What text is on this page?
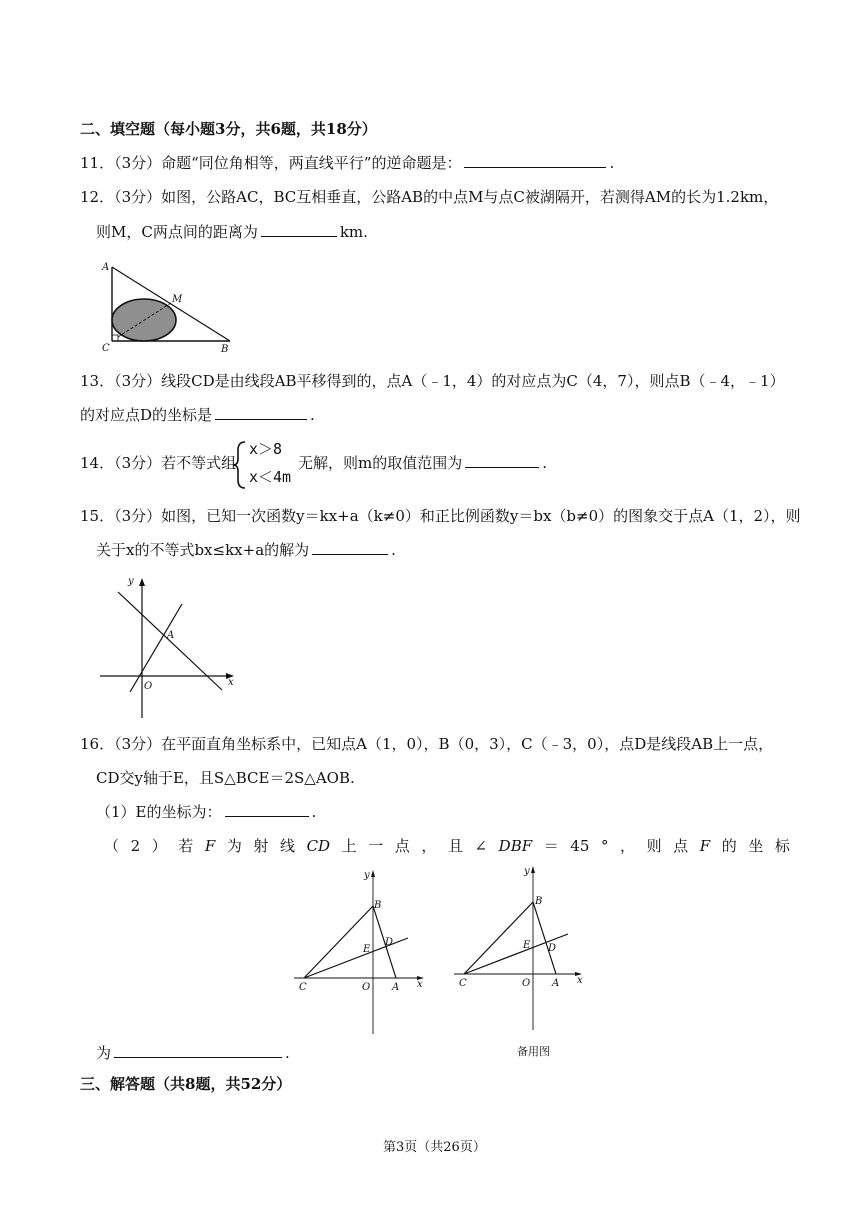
二、填空题（每小题3分，共6题，共18分）
11．（3分）命题“同位角相等，两直线平行”的逆命题是：	.
12．（3分）如图，公路AC，BC互相垂直，公路AB的中点M与点C被湖隔开，若测得AM的长为1.2km，
则M，C两点间的距离为	km.
A
M
C	B
13．（3分）线段CD是由线段AB平移得到的，点A（﹣1，4）的对应点为C（4，7），则点B（﹣4，﹣1）
的对应点D的坐标是	.
14．（3分）若不等式组
x＞8
x＜4m
无解，则m的取值范围为	.
15．（3分）如图，已知一次函数y＝kx+a（k≠0）和正比例函数y＝bx（b≠0）的图象交于点A（1，2），则
关于x的不等式bx≤kx+a的解为	.
y
x
A
O
16．（3分）在平面直角坐标系中，已知点A（1，0），B（0，3），C（﹣3，0），点D是线段AB上一点，
CD交y轴于E，且S△BCE＝2S△AOB.
（1）E的坐标为：	.
（ 2 ） 若 F 为 射 线 CD 上 一 点 ， 且 ∠ DBF ＝ 45 ° ， 则 点 F 的 坐 标
y
B
E
D
C	O A x
y
B
E D
C	O A x
备用图
为	.
三、解答题（共8题，共52分）
第3页（共26页）
